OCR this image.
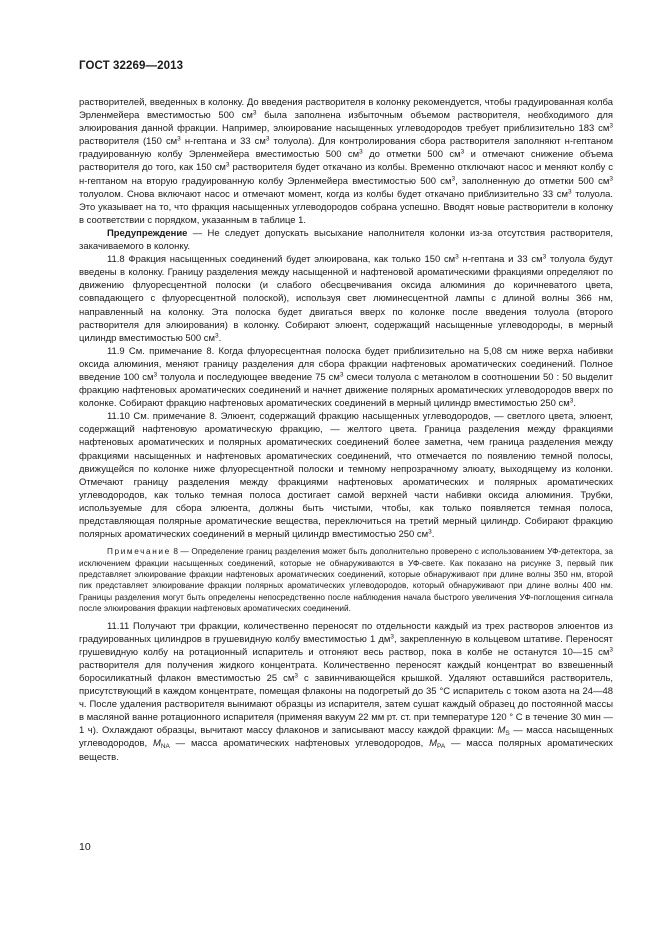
ГОСТ 32269—2013

растворителей, введенных в колонку. До введения растворителя в колонку рекомендуется, чтобы градуированная колба Эрленмейера вместимостью 500 $см^3$ была заполнена избыточным объемом растворителя, необходимого для элюирования данной фракции. Например, элюирование насыщенных углеводородов требует приблизительно 183 $см^3$ растворителя (150 $см^3$ н-гептана и 33 $см^3$ толуола). Для контролирования сбора растворителя заполняют н-гептаном градуированную колбу Эрленмейера вместимостью 500 $см^3$ до отметки 500 $см^3$ и отмечают снижение объема растворителя до того, как 150 $см^3$ растворителя будет откачано из колбы. Временно отключают насос и меняют колбу с н-гептаном на вторую градуированную колбу Эрленмейера вместимостью 500 $см^3$, заполненную до отметки 500 $см^3$ толуолом. Снова включают насос и отмечают момент, когда из колбы будет откачано приблизительно 33 $см^3$ толуола. Это указывает на то, что фракция насыщенных углеводородов собрана успешно. Вводят новые растворители в колонку в соответствии с порядком, указанным в таблице 1.

Предупреждение — Не следует допускать высыхание наполнителя колонки из-за отсутствия растворителя, закачиваемого в колонку.

11.8 Фракция насыщенных соединений будет элюирована, как только 150 $см^3$ н-гептана и 33 $см^3$ толуола будут введены в колонку. Границу разделения между насыщенной и нафтеновой ароматическими фракциями определяют по движению флуоресцентной полоски (и слабого обесцвечивания оксида алюминия до коричневатого цвета, совпадающего с флуоресцентной полоской), используя свет люминесцентной лампы с длиной волны 366 нм, направленный на колонку. Эта полоска будет двигаться вверх по колонке после введения толуола (второго растворителя для элюирования) в колонку. Собирают элюент, содержащий насыщенные углеводороды, в мерный цилиндр вместимостью 500 $см^3$.

11.9 См. примечание 8. Когда флуоресцентная полоска будет приблизительно на 5,08 см ниже верха набивки оксида алюминия, меняют границу разделения для сбора фракции нафтеновых ароматических соединений. Полное введение 100 $см^3$ толуола и последующее введение 75 $см^3$ смеси толуола с метанолом в соотношении 50 : 50 выделит фракцию нафтеновых ароматических соединений и начнет движение полярных ароматических углеводородов вверх по колонке. Собирают фракцию нафтеновых ароматических соединений в мерный цилиндр вместимостью 250 $см^3$.

11.10 См. примечание 8. Элюент, содержащий фракцию насыщенных углеводородов, — светлого цвета, элюент, содержащий нафтеновую ароматическую фракцию, — желтого цвета. Граница разделения между фракциями нафтеновых ароматических и полярных ароматических соединений более заметна, чем граница разделения между фракциями насыщенных и нафтеновых ароматических соединений, что отмечается по появлению темной полосы, движущейся по колонке ниже флуоресцентной полоски и темному непрозрачному элюату, выходящему из колонки. Отмечают границу разделения между фракциями нафтеновых ароматических и полярных ароматических углеводородов, как только темная полоса достигает самой верхней части набивки оксида алюминия. Трубки, используемые для сбора элюента, должны быть чистыми, чтобы, как только появляется темная полоса, представляющая полярные ароматические вещества, переключиться на третий мерный цилиндр. Собирают фракцию полярных ароматических соединений в мерный цилиндр вместимостью 250 $см^3$.

Примечание 8 — Определение границ разделения может быть дополнительно проверено с использованием УФ-детектора, за исключением фракции насыщенных соединений, которые не обнаруживаются в УФ-свете. Как показано на рисунке 3, первый пик представляет элюирование фракции нафтеновых ароматических соединений, которые обнаруживают при длине волны 350 нм, второй пик представляет элюирование фракции полярных ароматических углеводородов, который обнаруживают при длине волны 400 нм. Границы разделения могут быть определены непосредственно после наблюдения начала быстрого увеличения УФ-поглощения сигнала после элюирования фракции нафтеновых ароматических соединений.

11.11 Получают три фракции, количественно переносят по отдельности каждый из трех растворов элюентов из градуированных цилиндров в грушевидную колбу вместимостью 1 $дм^3$, закрепленную в кольцевом штативе. Переносят грушевидную колбу на ротационный испаритель и отгоняют весь раствор, пока в колбе не останутся 10—15 $см^3$ растворителя для получения жидкого концентрата. Количественно переносят каждый концентрат во взвешенный боросиликатный флакон вместимостью 25 $см^3$ с завинчивающейся крышкой. Удаляют оставшийся растворитель, присутствующий в каждом концентрате, помещая флаконы на подогретый до 35 °С испаритель с током азота на 24—48 ч. После удаления растворителя вынимают образцы из испарителя, затем сушат каждый образец до постоянной массы в масляной ванне ротационного испарителя (применяя вакуум 22 мм рт. ст. при температуре 120 ° С в течение 30 мин — 1 ч). Охлаждают образцы, вычитают массу флаконов и записывают массу каждой фракции: $M_S$ — масса насыщенных углеводородов, $M_{NA}$ — масса ароматических нафтеновых углеводородов, $M_{PA}$ — масса полярных ароматических веществ.

10
